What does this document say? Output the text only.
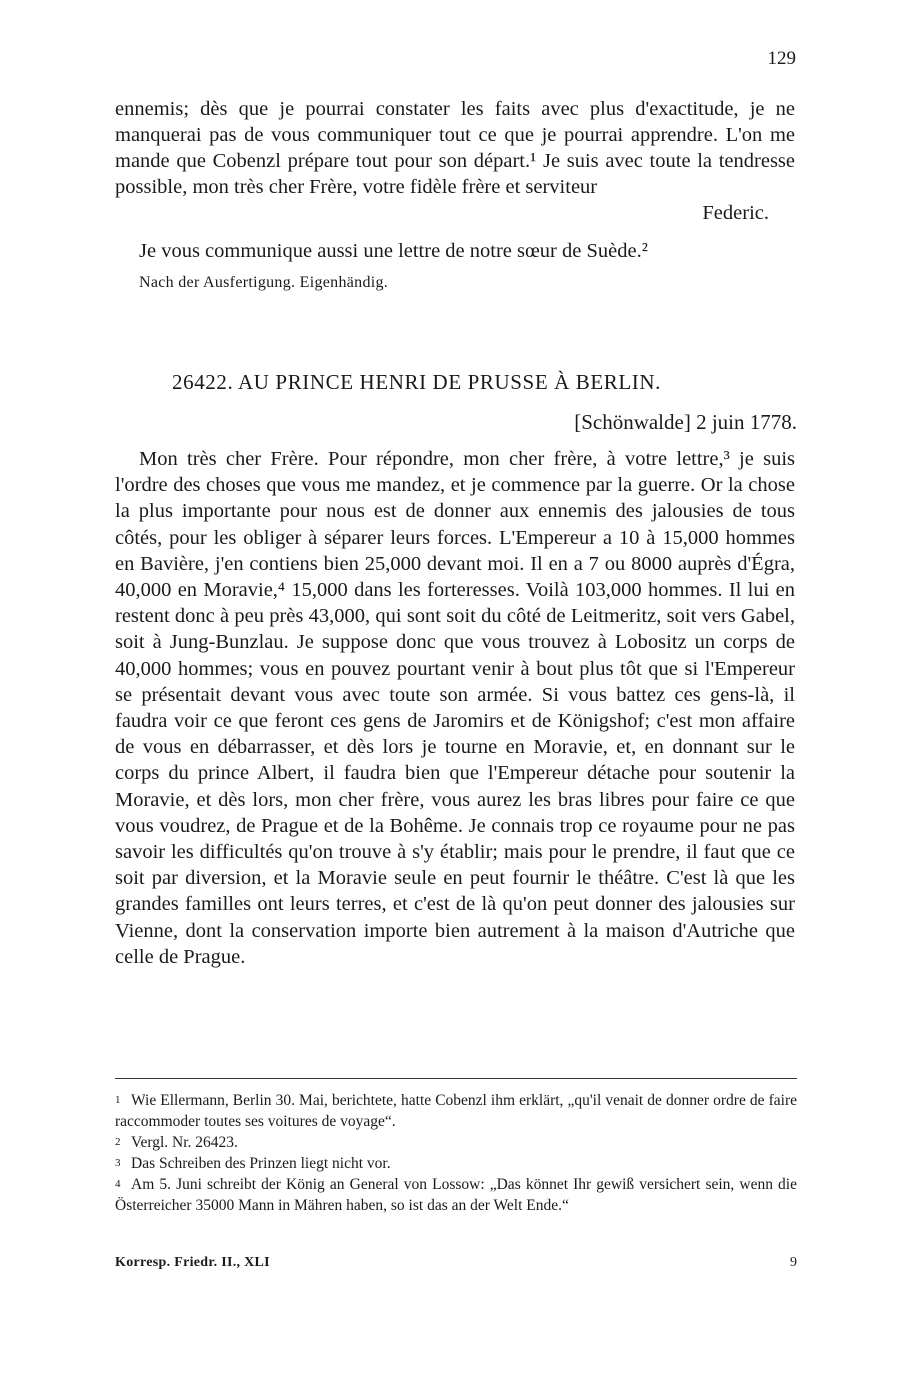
129

ennemis; dès que je pourrai constater les faits avec plus d'exactitude, je ne manquerai pas de vous communiquer tout ce que je pourrai apprendre. L'on me mande que Cobenzl prépare tout pour son départ.¹ Je suis avec toute la tendresse possible, mon très cher Frère, votre fidèle frère et serviteur

Federic.

Je vous communique aussi une lettre de notre sœur de Suède.²

Nach der Ausfertigung. Eigenhändig.

26422. AU PRINCE HENRI DE PRUSSE À BERLIN.
[Schönwalde] 2 juin 1778.

Mon très cher Frère. Pour répondre, mon cher frère, à votre lettre,³ je suis l'ordre des choses que vous me mandez, et je commence par la guerre. Or la chose la plus importante pour nous est de donner aux ennemis des jalousies de tous côtés, pour les obliger à séparer leurs forces. L'Empereur a 10 à 15,000 hommes en Bavière, j'en contiens bien 25,000 devant moi. Il en a 7 ou 8000 auprès d'Égra, 40,000 en Moravie,⁴ 15,000 dans les forteresses. Voilà 103,000 hommes. Il lui en restent donc à peu près 43,000, qui sont soit du côté de Leitmeritz, soit vers Gabel, soit à Jung-Bunzlau. Je suppose donc que vous trouvez à Lobositz un corps de 40,000 hommes; vous en pouvez pourtant venir à bout plus tôt que si l'Empereur se présentait devant vous avec toute son armée. Si vous battez ces gens-là, il faudra voir ce que feront ces gens de Jaromirs et de Königshof; c'est mon affaire de vous en débarrasser, et dès lors je tourne en Moravie, et, en donnant sur le corps du prince Albert, il faudra bien que l'Empereur détache pour soutenir la Moravie, et dès lors, mon cher frère, vous aurez les bras libres pour faire ce que vous voudrez, de Prague et de la Bohême. Je connais trop ce royaume pour ne pas savoir les difficultés qu'on trouve à s'y établir; mais pour le prendre, il faut que ce soit par diversion, et la Moravie seule en peut fournir le théâtre. C'est là que les grandes familles ont leurs terres, et c'est de là qu'on peut donner des jalousies sur Vienne, dont la conservation importe bien autrement à la maison d'Autriche que celle de Prague.

1 Wie Ellermann, Berlin 30. Mai, berichtete, hatte Cobenzl ihm erklärt, „qu'il venait de donner ordre de faire raccommoder toutes ses voitures de voyage“.

2 Vergl. Nr. 26423.

3 Das Schreiben des Prinzen liegt nicht vor.

4 Am 5. Juni schreibt der König an General von Lossow: „Das könnet Ihr gewiß versichert sein, wenn die Österreicher 35000 Mann in Mähren haben, so ist das an der Welt Ende.“

Korresp. Friedr. II., XLI	9
